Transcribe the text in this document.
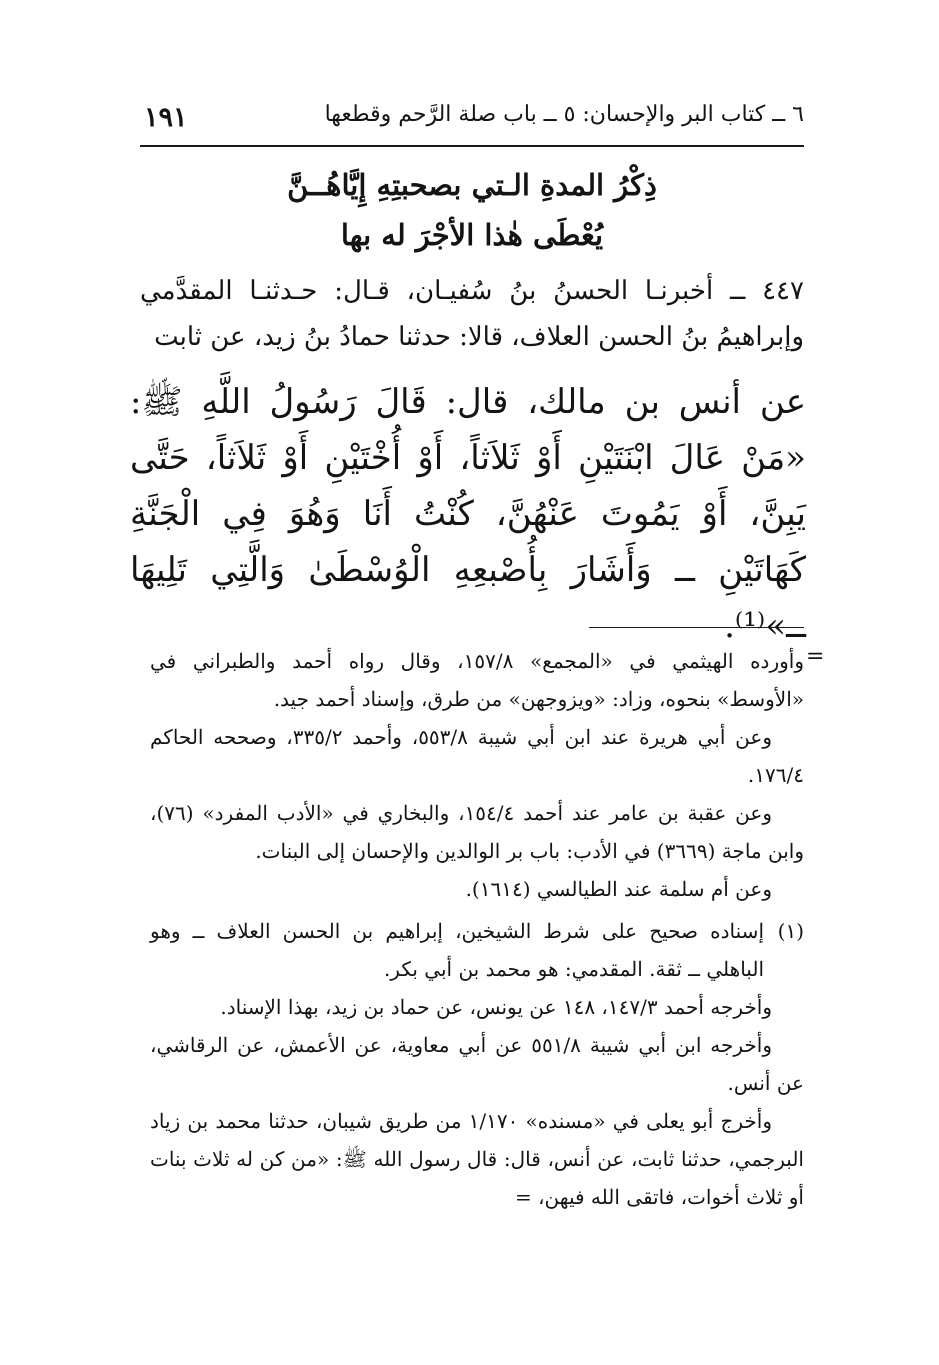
٦ ــ كتاب البر والإحسان: ٥ ــ باب صلة الرَّحم وقطعها
١٩١
ذِكْرُ المدةِ الـتي بصحبتِهِ إِيَّاهُــنَّ
يُعْطَى هٰذا الأجْرَ له بها
٤٤٧ ــ أخبرنـا الحسنُ بنُ سُفيـان، قـال: حـدثنـا المقدَّمي وإبراهيمُ بنُ الحسن العلاف، قالا: حدثنا حمادُ بنُ زيد، عن ثابت
عن أنس بن مالك، قال: قَالَ رَسُولُ اللَّهِ ﷺ: «مَنْ عَالَ ابْنَتَيْنِ أَوْ ثَلاَثاً، أَوْ أُخْتَيْنِ أَوْ ثَلاَثاً، حَتَّى يَبِنَّ، أَوْ يَمُوتَ عَنْهُنَّ، كُنْتُ أَنَا وَهُوَ فِي الْجَنَّةِ كَهَاتَيْنِ ــ وَأَشَارَ بِأُصْبعِهِ الْوُسْطَىٰ وَالَّتِي تَلِيهَا ــ»⁽¹⁾.
=

وأورده الهيثمي في «المجمع» ١٥٧/٨، وقال رواه أحمد والطبراني في «الأوسط» بنحوه، وزاد: «ويزوجهن» من طرق، وإسناد أحمد جيد.

وعن أبي هريرة عند ابن أبي شيبة ٥٥٣/٨، وأحمد ٣٣٥/٢، وصححه الحاكم ١٧٦/٤.

وعن عقبة بن عامر عند أحمد ١٥٤/٤، والبخاري في «الأدب المفرد» (٧٦)، وابن ماجة (٣٦٦٩) في الأدب: باب بر الوالدين والإحسان إلى البنات.

وعن أم سلمة عند الطيالسي (١٦١٤).

(١)
إسناده صحيح على شرط الشيخين، إبراهيم بن الحسن العلاف ــ وهو الباهلي ــ ثقة. المقدمي: هو محمد بن أبي بكر.

وأخرجه أحمد ١٤٧/٣، ١٤٨ عن يونس، عن حماد بن زيد، بهذا الإسناد.

وأخرجه ابن أبي شيبة ٥٥١/٨ عن أبي معاوية، عن الأعمش، عن الرقاشي، عن أنس.

وأخرج أبو يعلى في «مسنده» ١/١٧٠ من طريق شيبان، حدثنا محمد بن زياد البرجمي، حدثنا ثابت، عن أنس، قال: قال رسول الله ﷺ: «من كن له ثلاث بنات أو ثلاث أخوات، فاتقى الله فيهن، =
